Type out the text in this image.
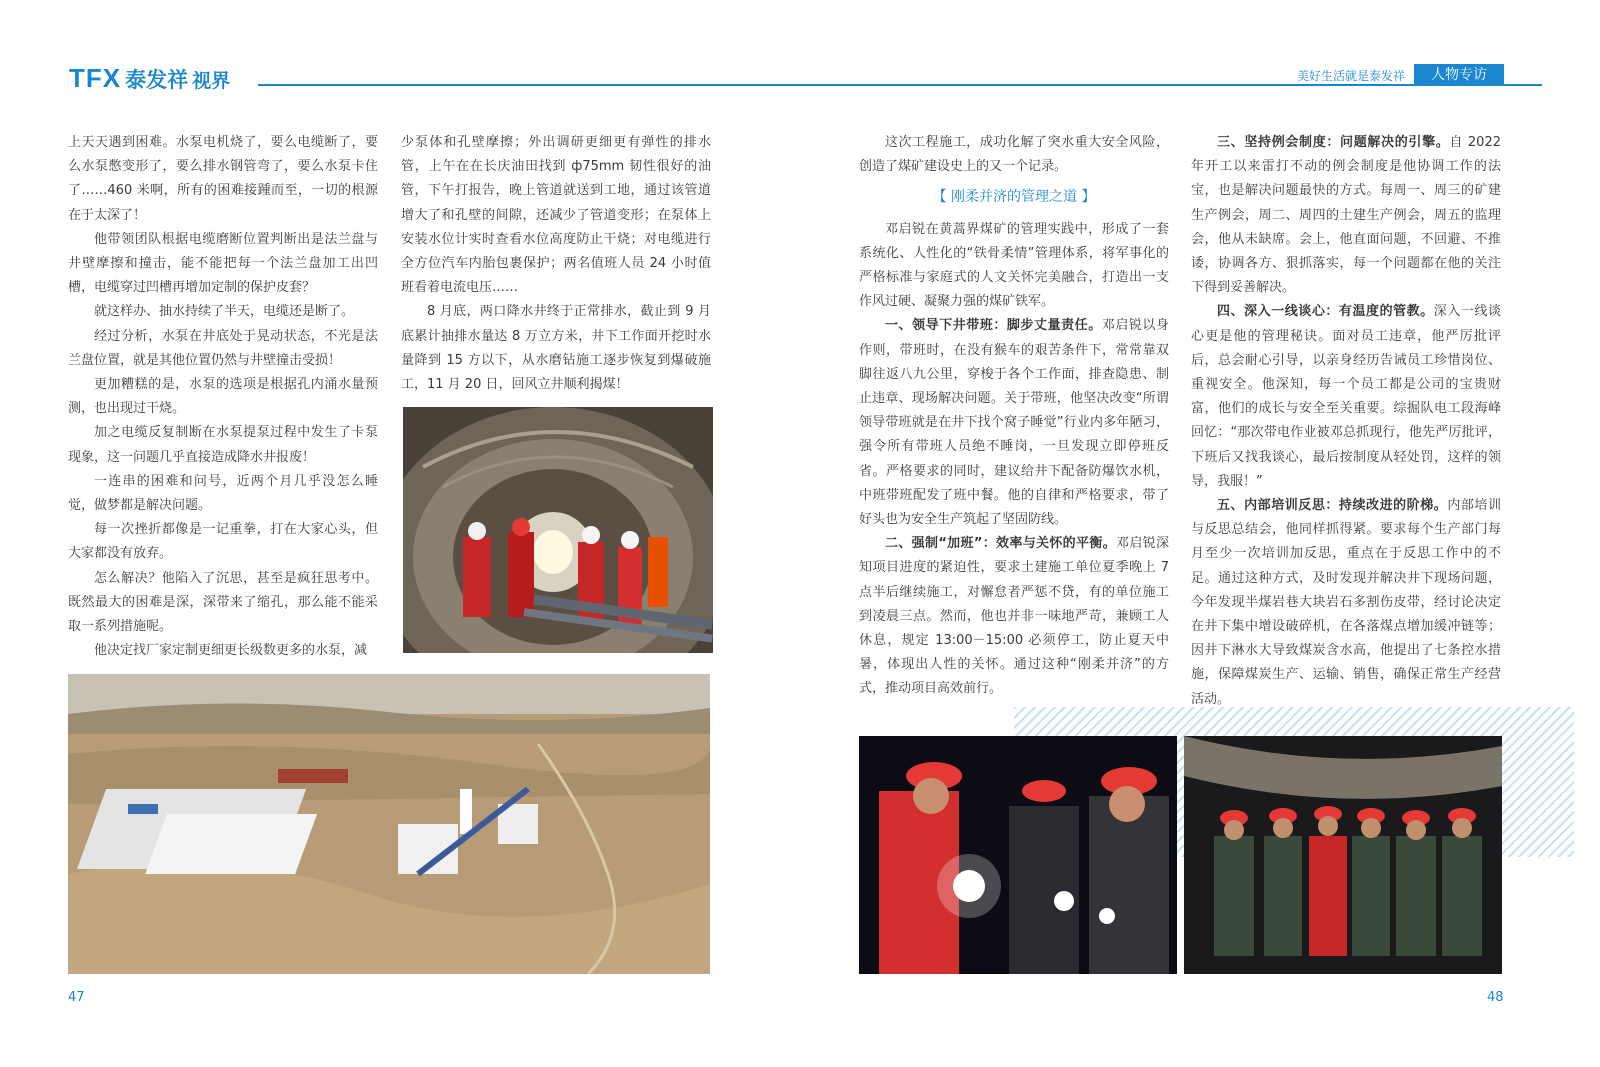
TFX 泰发祥 视界	美好生活就是泰发祥	人物专访

上天天遇到困难。水泵电机烧了，要么电缆断了，要么水泵憋变形了，要么排水钢管弯了，要么水泵卡住了……460 米啊，所有的困难接踵而至，一切的根源在于太深了！

他带领团队根据电缆磨断位置判断出是法兰盘与井壁摩擦和撞击，能不能把每一个法兰盘加工出凹槽，电缆穿过凹槽再增加定制的保护皮套？

就这样办、抽水持续了半天，电缆还是断了。

经过分析，水泵在井底处于晃动状态，不光是法兰盘位置，就是其他位置仍然与井壁撞击受损！

更加糟糕的是，水泵的选项是根据孔内涌水量预测，也出现过干烧。

加之电缆反复制断在水泵提泵过程中发生了卡泵现象，这一问题几乎直接造成降水井报废！

一连串的困难和问号，近两个月几乎没怎么睡觉，做梦都是解决问题。

每一次挫折都像是一记重拳，打在大家心头，但大家都没有放弃。

怎么解决？他陷入了沉思，甚至是疯狂思考中。既然最大的困难是深，深带来了缩孔，那么能不能采取一系列措施呢。

他决定找厂家定制更细更长级数更多的水泵，减

少泵体和孔壁摩擦；外出调研更细更有弹性的排水管，上午在在长庆油田找到 ф75mm 韧性很好的油管，下午打报告，晚上管道就送到工地，通过该管道增大了和孔壁的间隙，还减少了管道变形；在泵体上安装水位计实时查看水位高度防止干烧；对电缆进行全方位汽车内胎包裹保护；两名值班人员 24 小时值班看着电流电压……

8 月底，两口降水井终于正常排水，截止到 9 月底累计抽排水量达 8 万立方米，井下工作面开挖时水量降到 15 方以下，从水磨钻施工逐步恢复到爆破施工，11 月 20 日，回风立井顺利揭煤！

这次工程施工，成功化解了突水重大安全风险，创造了煤矿建设史上的又一个记录。

【 刚柔并济的管理之道 】

邓启锐在黄蒿界煤矿的管理实践中，形成了一套系统化、人性化的“铁骨柔情”管理体系，将军事化的严格标准与家庭式的人文关怀完美融合，打造出一支作风过硬、凝聚力强的煤矿铁军。

一、领导下井带班：脚步丈量责任。邓启锐以身作则，带班时，在没有猴车的艰苦条件下，常常靠双脚往返八九公里，穿梭于各个工作面，排查隐患、制止违章、现场解决问题。关于带班，他坚决改变“所谓领导带班就是在井下找个窝子睡觉”行业内多年陋习，强令所有带班人员绝不睡岗，一旦发现立即停班反省。严格要求的同时，建议给井下配备防爆饮水机，中班带班配发了班中餐。他的自律和严格要求，带了好头也为安全生产筑起了坚固防线。

二、强制“加班”：效率与关怀的平衡。邓启锐深知项目进度的紧迫性，要求土建施工单位夏季晚上 7 点半后继续施工，对懈怠者严惩不贷，有的单位施工到凌晨三点。然而，他也并非一味地严苛，兼顾工人休息，规定 13:00－15:00 必须停工，防止夏天中暑，体现出人性的关怀。通过这种“刚柔并济”的方式，推动项目高效前行。

三、坚持例会制度：问题解决的引擎。自 2022 年开工以来雷打不动的例会制度是他协调工作的法宝，也是解决问题最快的方式。每周一、周三的矿建生产例会，周二、周四的土建生产例会，周五的监理会，他从未缺席。会上，他直面问题，不回避、不推诿，协调各方、狠抓落实，每一个问题都在他的关注下得到妥善解决。

四、深入一线谈心：有温度的管教。深入一线谈心更是他的管理秘诀。面对员工违章，他严厉批评后，总会耐心引导，以亲身经历告诫员工珍惜岗位、重视安全。他深知，每一个员工都是公司的宝贵财富，他们的成长与安全至关重要。综掘队电工段海峰回忆：“那次带电作业被邓总抓现行，他先严厉批评，下班后又找我谈心，最后按制度从轻处罚，这样的领导，我服！”

五、内部培训反思：持续改进的阶梯。内部培训与反思总结会，他同样抓得紧。要求每个生产部门每月至少一次培训加反思，重点在于反思工作中的不足。通过这种方式，及时发现并解决井下现场问题，今年发现半煤岩巷大块岩石多割伤皮带，经讨论决定在井下集中增设破碎机，在各落煤点增加缓冲链等；因井下淋水大导致煤炭含水高，他提出了七条控水措施，保障煤炭生产、运输、销售，确保正常生产经营活动。

47	48
